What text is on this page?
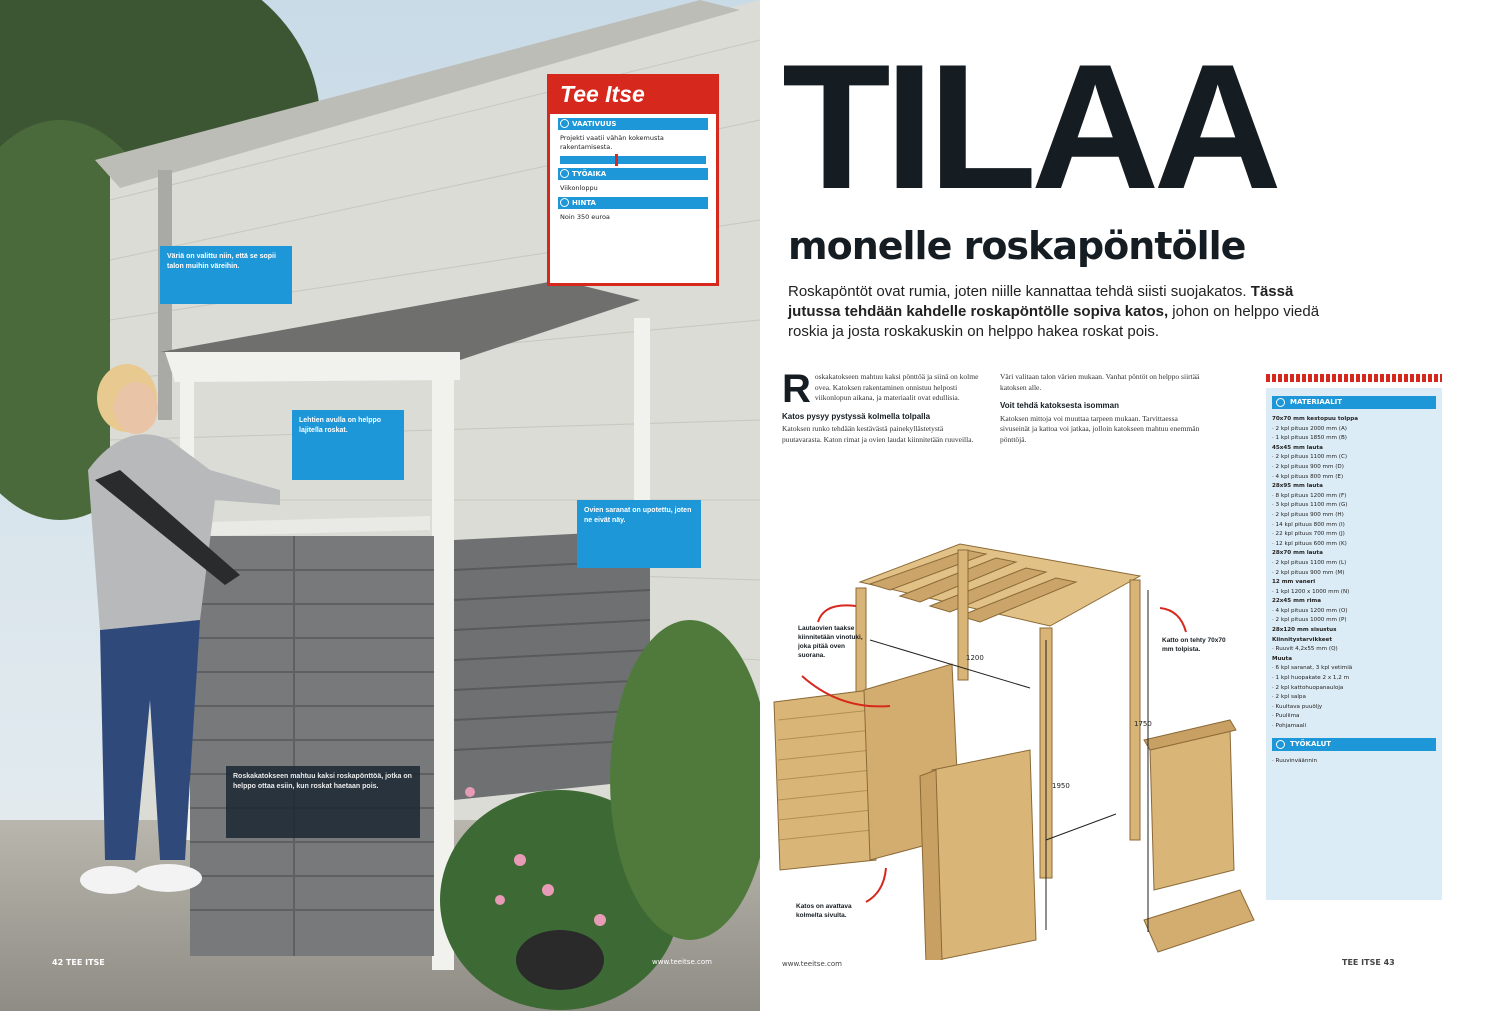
Väriä on valittu niin, että se sopii talon muihin väreihin.
Lehtien avulla on helppo lajitella roskat.
Ovien saranat on upotettu, joten ne eivät näy.
Roskakatokseen mahtuu kaksi roskapönttöä, jotka on helppo ottaa esiin, kun roskat haetaan pois.
Tee Itse
VAATIVUUS
Projekti vaatii vähän kokemusta rakentamisesta.
TYÖAIKA
Viikonloppu
HINTA
Noin 350 euroa
42 TEE ITSE	www.teeitse.com
TILAA
monelle roskapöntölle

Roskapöntöt ovat rumia, joten niille kannattaa tehdä siisti suojakatos. Tässä jutussa tehdään kahdelle roskapöntölle sopiva katos, johon on helppo viedä roskia ja josta roskakuskin on helppo hakea roskat pois.

R oskakatokseen mahtuu kaksi pönttöä ja siinä on kolme ovea. Katoksen rakentaminen onnistuu helposti viikonlopun aikana, ja materiaalit ovat edullisia.
Katos pysyy pystyssä kolmella tolpalla
Katoksen runko tehdään kestävästä painekyllästetystä puutavarasta. Katon rimat ja ovien laudat kiinnitetään ruuveilla.
Väri valitaan talon värien mukaan. Vanhat pöntöt on helppo siirtää katoksen alle.
Voit tehdä katoksesta isomman
Katoksen mittoja voi muuttaa tarpeen mukaan. Tarvittaessa sivuseinät ja kattoa voi jatkaa, jolloin katokseen mahtuu enemmän pönttöjä.
MATERIAALIT
70x70 mm kestopuu tolppa
· 2 kpl pituus 2000 mm (A)
· 1 kpl pituus 1850 mm (B)
45x45 mm lauta
· 2 kpl pituus 1100 mm (C)
· 2 kpl pituus 900 mm (D)
· 4 kpl pituus 800 mm (E)
28x95 mm lauta
· 8 kpl pituus 1200 mm (F)
· 3 kpl pituus 1100 mm (G)
· 2 kpl pituus 900 mm (H)
· 14 kpl pituus 800 mm (I)
· 22 kpl pituus 700 mm (J)
· 12 kpl pituus 600 mm (K)
28x70 mm lauta
· 2 kpl pituus 1100 mm (L)
· 2 kpl pituus 900 mm (M)
12 mm vaneri
· 1 kpl 1200 x 1000 mm (N)
22x45 mm rima
· 4 kpl pituus 1200 mm (O)
· 2 kpl pituus 1000 mm (P)
28x120 mm sisustus
Kiinnitystarvikkeet
· Ruuvit 4,2x55 mm (Q)
Muuta
· 6 kpl saranat, 3 kpl vetimiä
· 1 kpl huopakate 2 x 1,2 m
· 2 kpl kattohuopanauloja
· 2 kpl salpa
· Kuultava puuöljy
· Puuliima
· Pohjamaali
TYÖKALUT
· Ruuvinväännin
1200
1950
1750
Lautaovien taakse kiinnitetään vinotuki, joka pitää oven suorana.
Katto on tehty 70x70 mm tolpista.
Katos on avattava kolmelta sivulta.
www.teeitse.com	TEE ITSE 43
